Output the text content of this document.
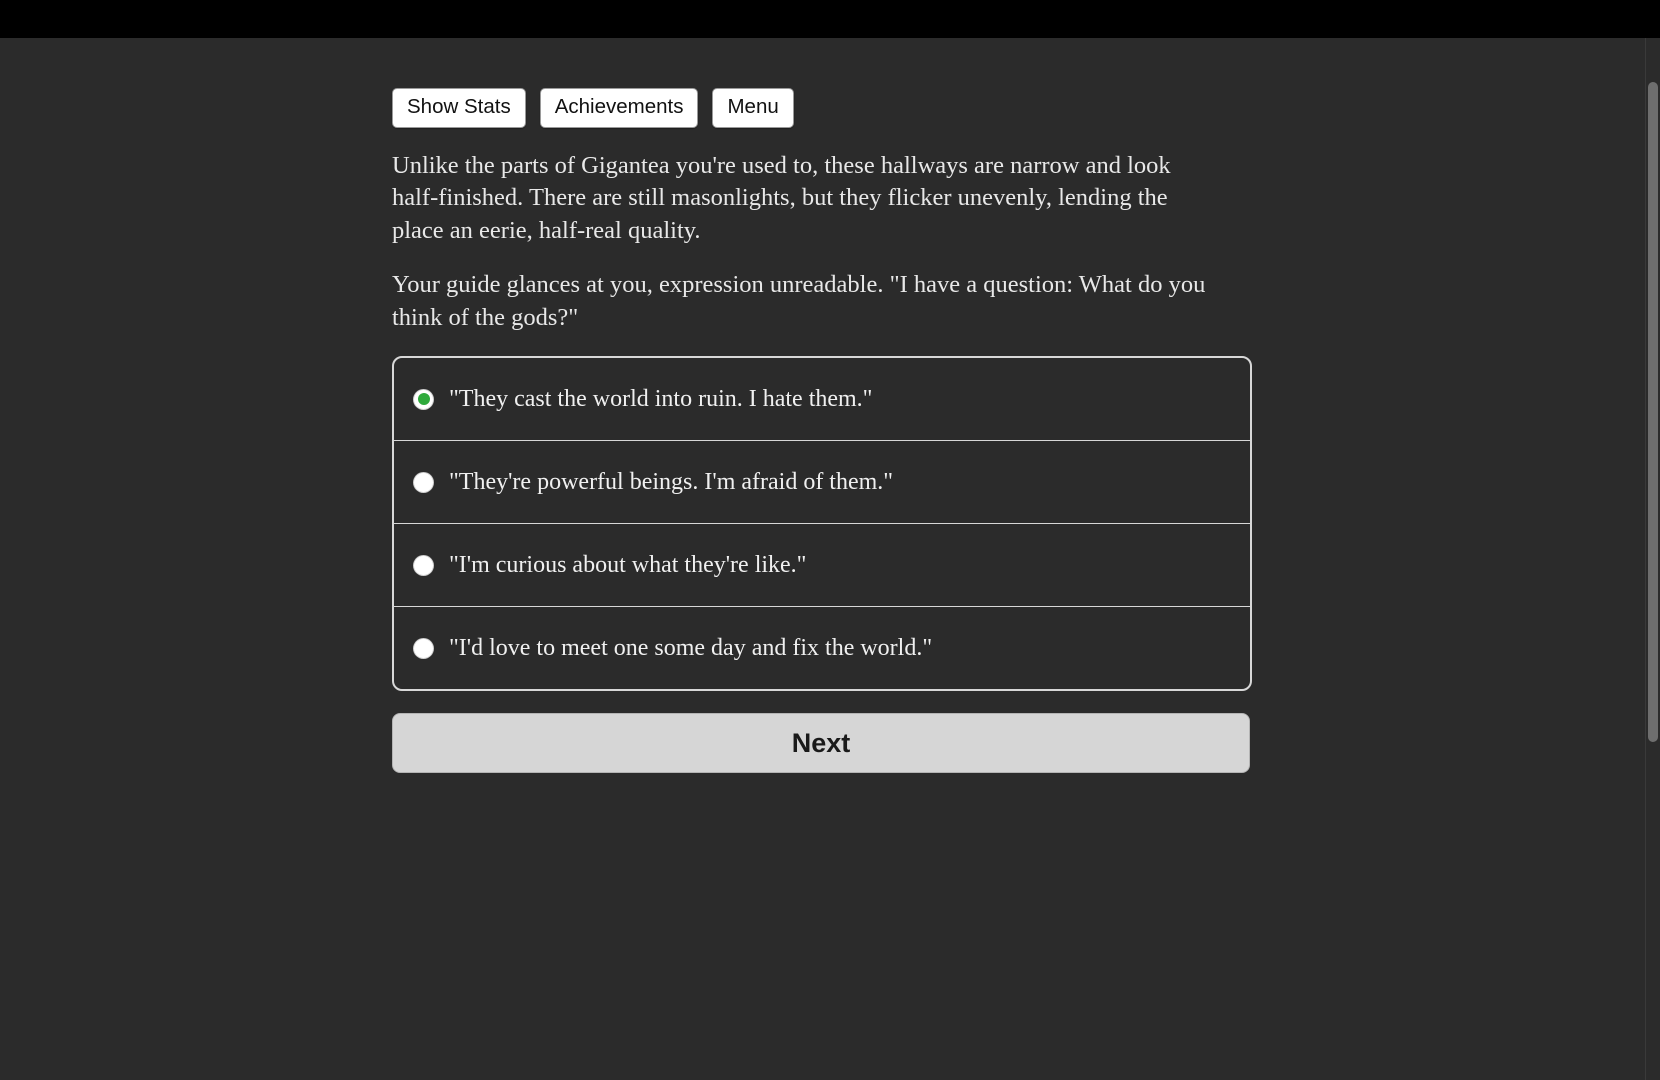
Show Stats	Achievements	Menu

Unlike the parts of Gigantea you're used to, these hallways are narrow and look half-finished. There are still masonlights, but they flicker unevenly, lending the place an eerie, half-real quality.

Your guide glances at you, expression unreadable. "I have a question: What do you think of the gods?"

"They cast the world into ruin. I hate them."
"They're powerful beings. I'm afraid of them."
"I'm curious about what they're like."
"I'd love to meet one some day and fix the world."
Next
